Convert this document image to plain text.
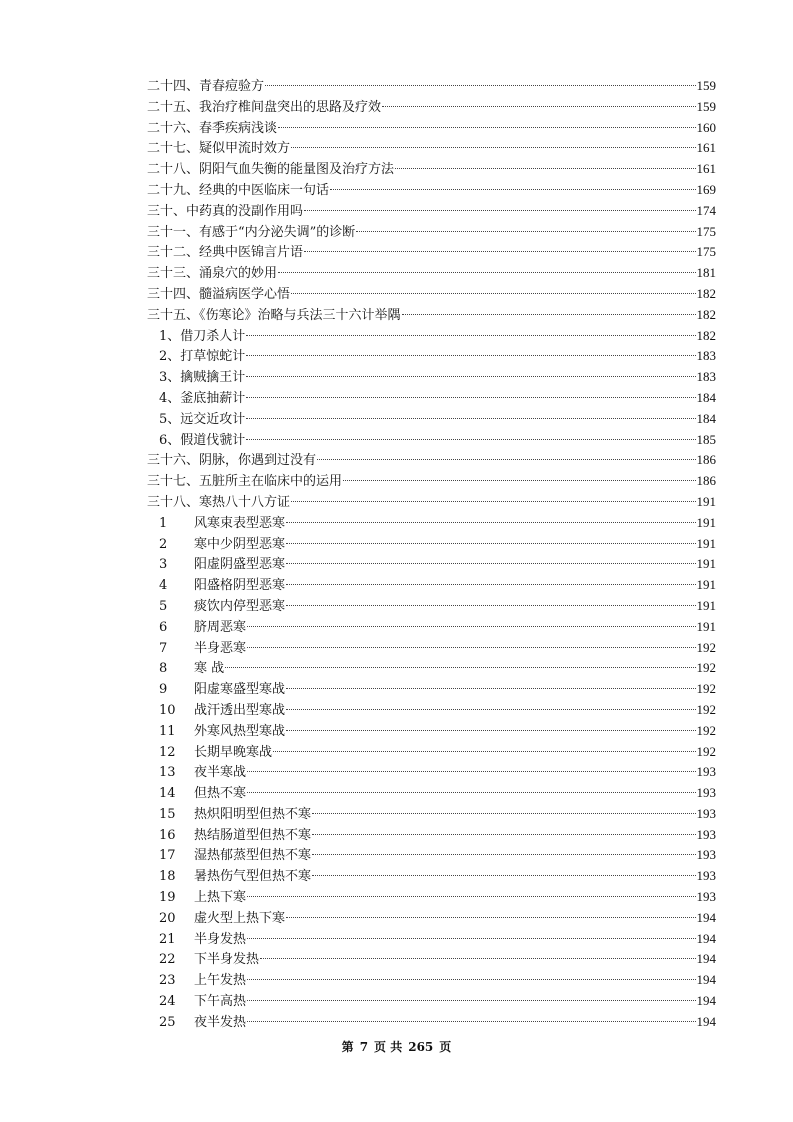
二十四、青春痘验方	159
二十五、我治疗椎间盘突出的思路及疗效	159
二十六、春季疾病浅谈	160
二十七、疑似甲流时效方	161
二十八、阴阳气血失衡的能量图及治疗方法	161
二十九、经典的中医临床一句话	169
三十、中药真的没副作用吗	174
三十一、有感于“内分泌失调”的诊断	175
三十二、经典中医锦言片语	175
三十三、涌泉穴的妙用	181
三十四、髓溢病医学心悟	182
三十五、《伤寒论》治略与兵法三十六计举隅	182
1、借刀杀人计	182
2、打草惊蛇计	183
3、擒贼擒王计	183
4、釜底抽薪计	184
5、远交近攻计	184
6、假道伐虢计	185
三十六、阴脉，你遇到过没有	186
三十七、五脏所主在临床中的运用	186
三十八、寒热八十八方证	191
1	风寒束表型恶寒	191
2	寒中少阴型恶寒	191
3	阳虚阴盛型恶寒	191
4	阳盛格阴型恶寒	191
5	痰饮内停型恶寒	191
6	脐周恶寒	191
7	半身恶寒	192
8	寒 战	192
9	阳虚寒盛型寒战	192
10	战汗透出型寒战	192
11	外寒风热型寒战	192
12	长期早晚寒战	192
13	夜半寒战	193
14	但热不寒	193
15	热炽阳明型但热不寒	193
16	热结肠道型但热不寒	193
17	湿热郁蒸型但热不寒	193
18	暑热伤气型但热不寒	193
19	上热下寒	193
20	虚火型上热下寒	194
21	半身发热	194
22	下半身发热	194
23	上午发热	194
24	下午高热	194
25	夜半发热	194
第 7 页 共 265 页
